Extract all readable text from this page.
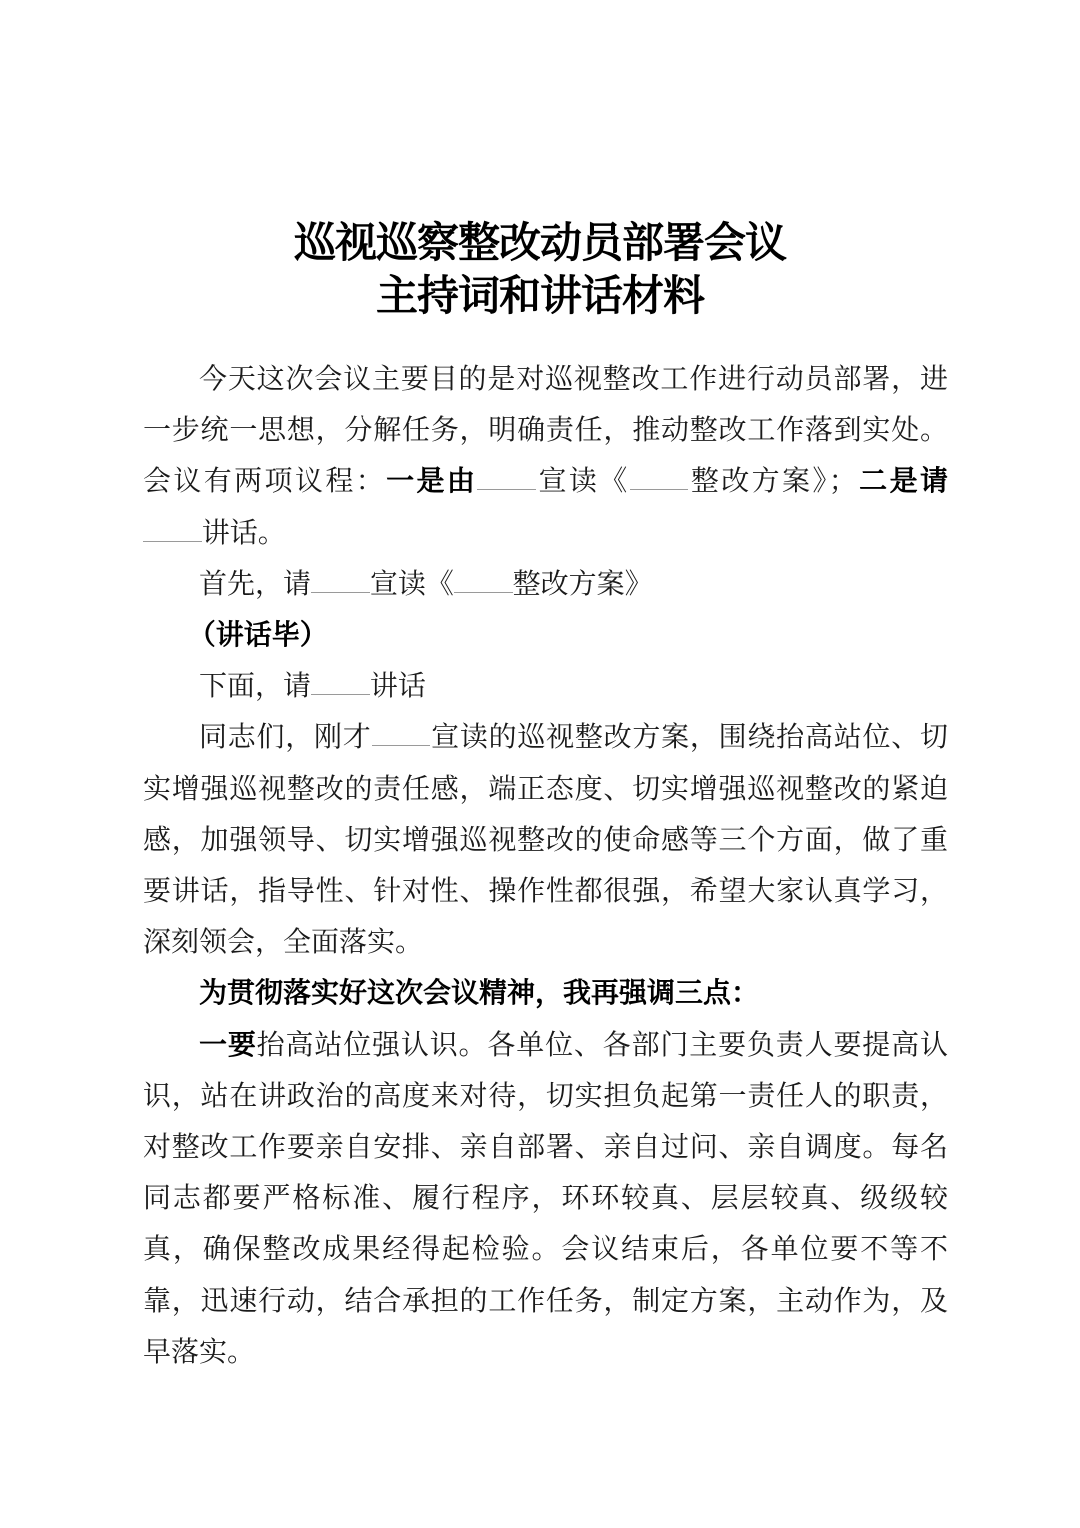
巡视巡察整改动员部署会议
主持词和讲话材料

今天这次会议主要目的是对巡视整改工作进行动员部署，进一步统一思想，分解任务，明确责任，推动整改工作落到实处。会议有两项议程：一是由 宣读《 整改方案》；二是请讲话。

首先，请 宣读《 整改方案》

（讲话毕）

下面，请 讲话

同志们，刚才 宣读的巡视整改方案，围绕抬高站位、切实增强巡视整改的责任感，端正态度、切实增强巡视整改的紧迫感，加强领导、切实增强巡视整改的使命感等三个方面，做了重要讲话，指导性、针对性、操作性都很强，希望大家认真学习，深刻领会，全面落实。

为贯彻落实好这次会议精神，我再强调三点：

一要抬高站位强认识。各单位、各部门主要负责人要提高认识，站在讲政治的高度来对待，切实担负起第一责任人的职责，对整改工作要亲自安排、亲自部署、亲自过问、亲自调度。每名同志都要严格标准、履行程序，环环较真、层层较真、级级较真，确保整改成果经得起检验。会议结束后，各单位要不等不靠，迅速行动，结合承担的工作任务，制定方案，主动作为，及早落实。
